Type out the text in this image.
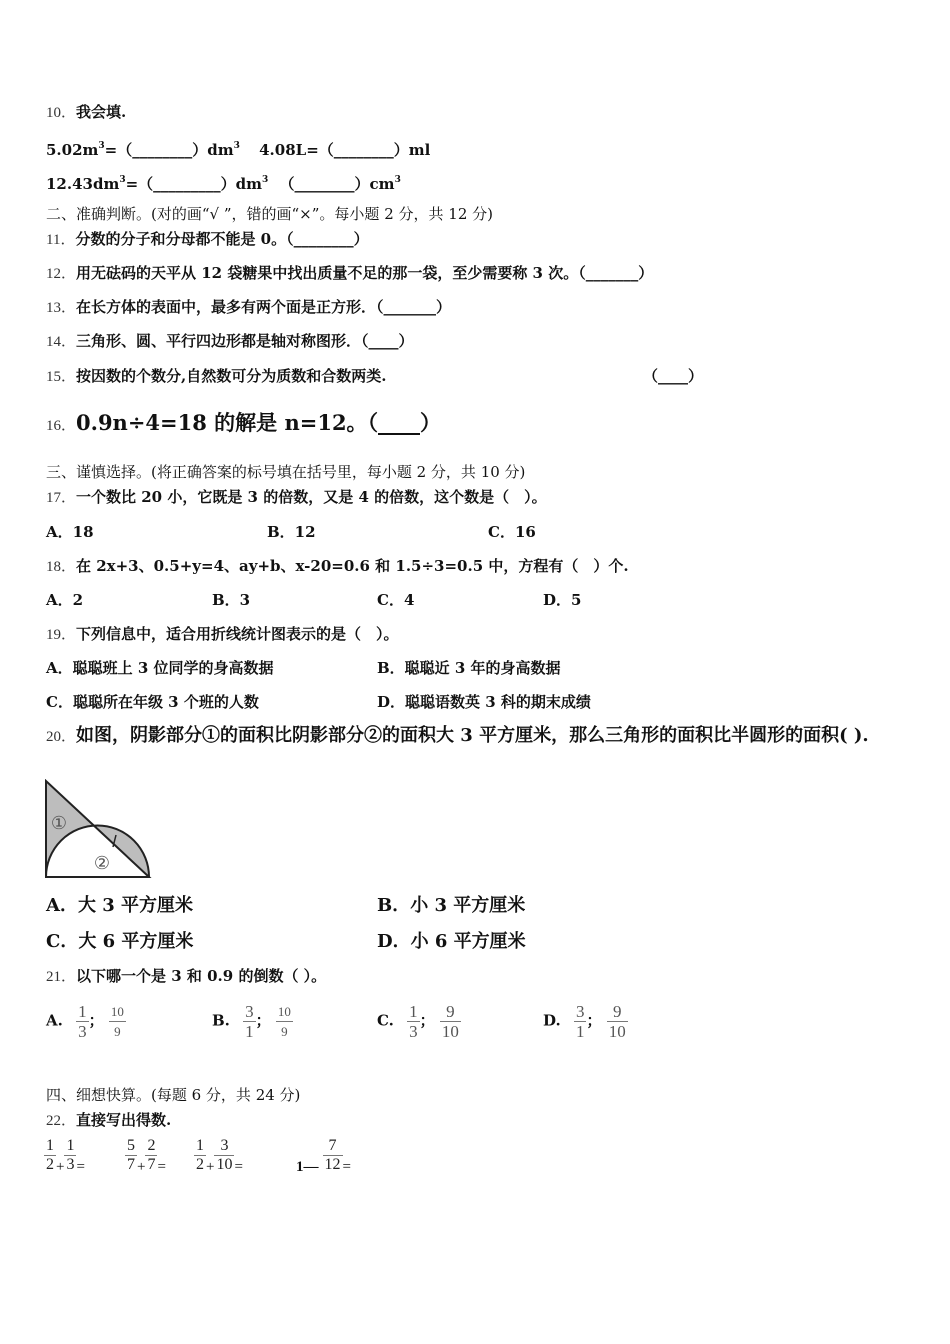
10．我会填.
$5.02m^3=(\_\_\_\_\_\_\_\_)dm^3$ 4.08L=（________）ml
$12.43dm^3=(\_\_\_\_\_\_\_\_\_)dm^3$ $(\_\_\_\_\_\_\_\_)cm^3$
二、准确判断。(对的画“√ ”，错的画“×”。每小题 2 分，共 12 分)
11．分数的分子和分母都不能是 0。（________）
12．用无砝码的天平从 12 袋糖果中找出质量不足的那一袋，至少需要称 3 次。（_______）
13．在长方体的表面中，最多有两个面是正方形．（_______）
14．三角形、圆、平行四边形都是轴对称图形．（____）
15．按因数的个数分,自然数可分为质数和合数两类.	（____）
16．0.9n÷4=18 的解是 n=12。（____）
三、谨慎选择。(将正确答案的标号填在括号里，每小题 2 分，共 10 分)
17．一个数比 20 小，它既是 3 的倍数，又是 4 的倍数，这个数是（　）。
A．18	B．12	C．16
18．在 2x+3、0.5+y=4、ay+b、x-20=0.6 和 1.5÷3=0.5 中，方程有（　）个.
A．2	B．3	C．4	D．5
19．下列信息中，适合用折线统计图表示的是（　）。
A．聪聪班上 3 位同学的身高数据	B．聪聪近 3 年的身高数据
C．聪聪所在年级 3 个班的人数	D．聪聪语数英 3 科的期末成绩
20．如图，阴影部分①的面积比阴影部分②的面积大 3 平方厘米，那么三角形的面积比半圆形的面积( ).
①
②
A．大 3 平方厘米	B．小 3 平方厘米
C．大 6 平方厘米	D．小 6 平方厘米
21．以下哪一个是 3 和 0.9 的倒数（ ）。
A. $\frac{1}{3}$ ； $\frac{10}{9}$	B. $\frac{3}{1}$ ； $\frac{10}{9}$	C. $\frac{1}{3}$ ； $\frac{9}{10}$	D. $\frac{3}{1}$ ； $\frac{9}{10}$
四、细想快算。(每题 6 分，共 24 分)
22．直接写出得数.
$\frac{1}{2} + \frac{1}{3}$ =	$\frac{5}{7} + \frac{2}{7} = \frac{1}{2} + \frac{3}{10}$ =	1— $\frac{7}{12}$ =
